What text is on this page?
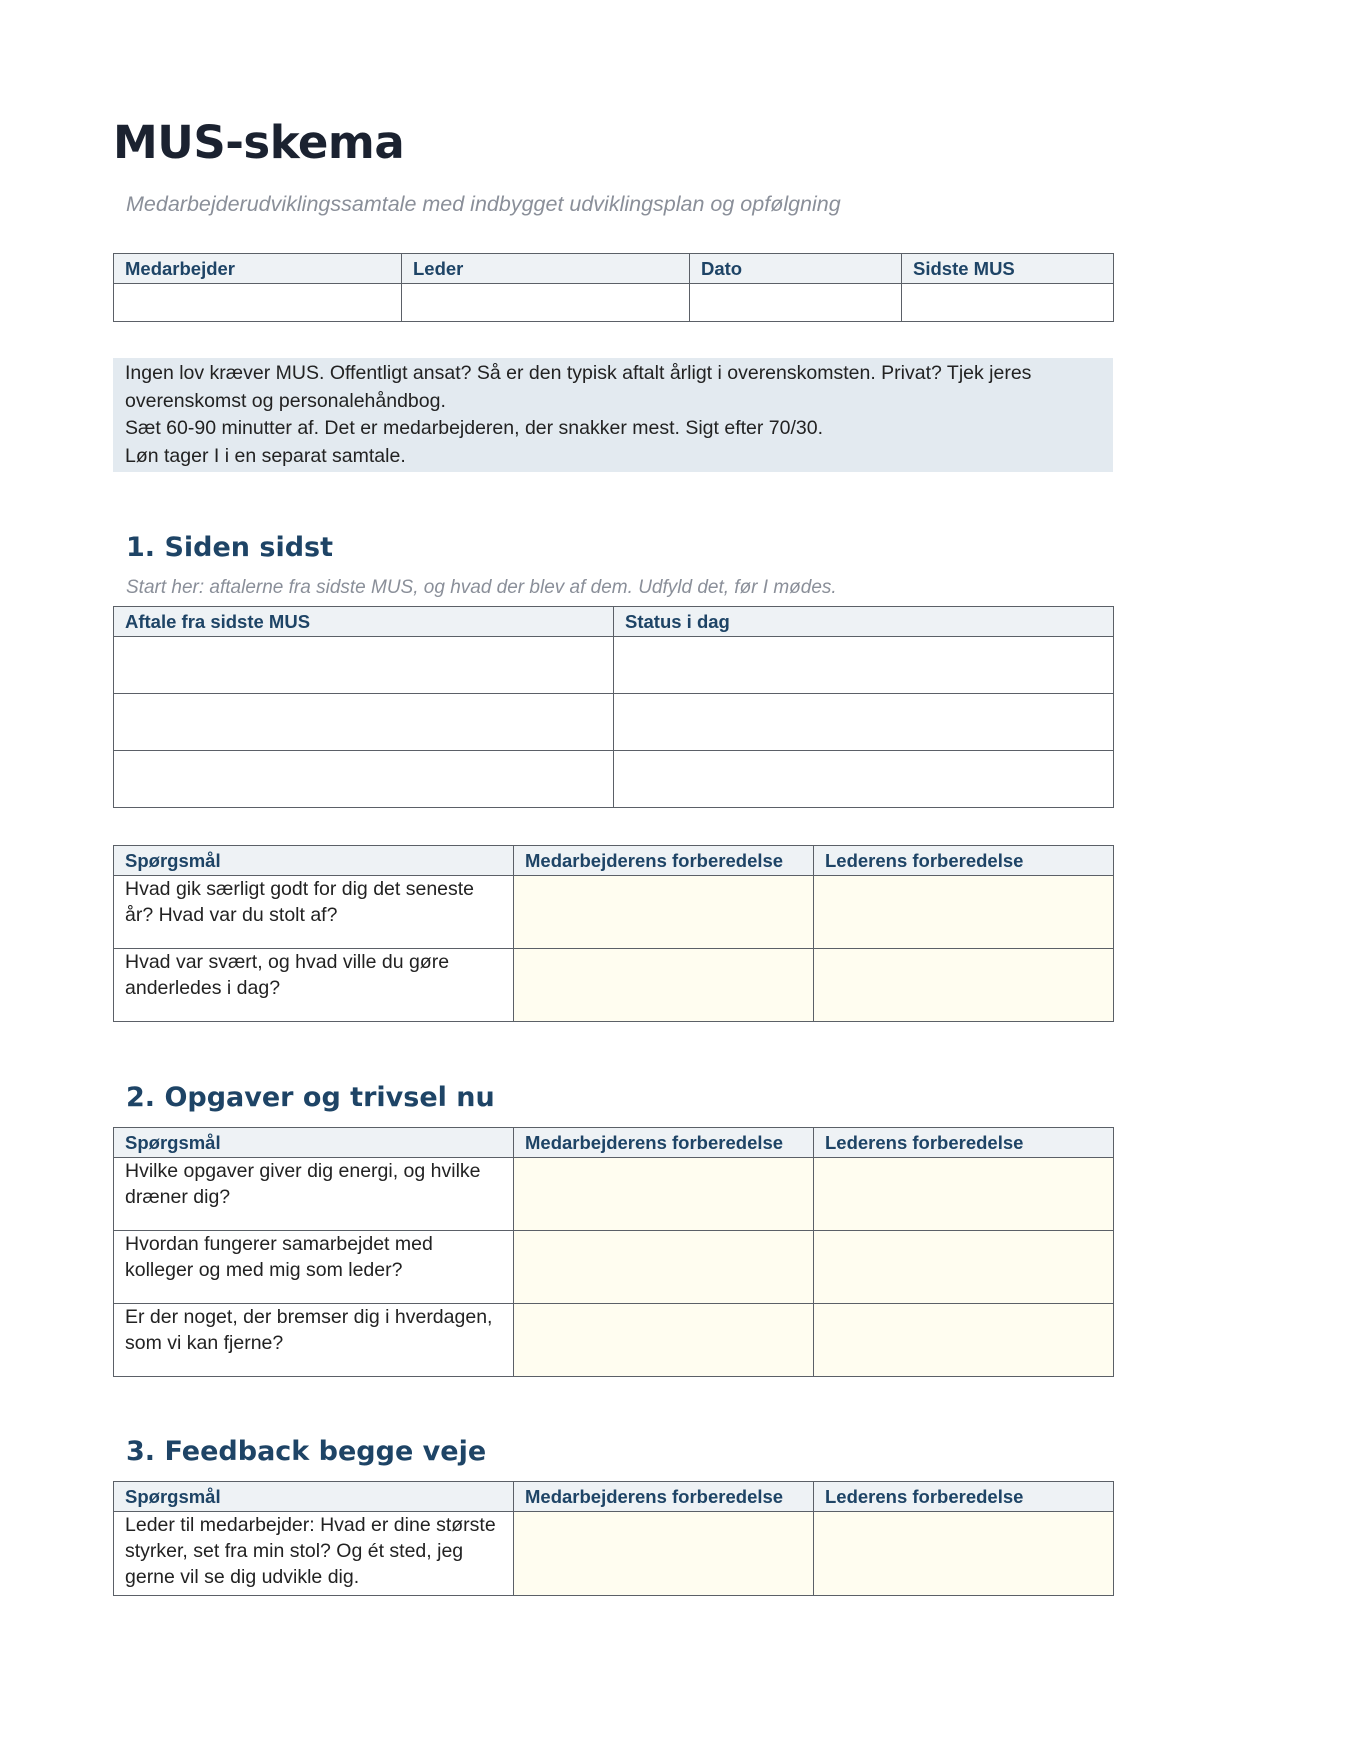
MUS-skema

Medarbejderudviklingssamtale med indbygget udviklingsplan og opfølgning

Medarbejder	Leder	Dato	Sidste MUS

Ingen lov kræver MUS. Offentligt ansat? Så er den typisk aftalt årligt i overenskomsten. Privat? Tjek jeres overenskomst og personalehåndbog.

Sæt 60-90 minutter af. Det er medarbejderen, der snakker mest. Sigt efter 70/30.

Løn tager I i en separat samtale.

1. Siden sidst

Start her: aftalerne fra sidste MUS, og hvad der blev af dem. Udfyld det, før I mødes.

Aftale fra sidste MUS	Status i dag

Spørgsmål	Medarbejderens forberedelse	Lederens forberedelse
Hvad gik særligt godt for dig det seneste år? Hvad var du stolt af?		
Hvad var svært, og hvad ville du gøre anderledes i dag?		
2. Opgaver og trivsel nu
Spørgsmål	Medarbejderens forberedelse	Lederens forberedelse
Hvilke opgaver giver dig energi, og hvilke dræner dig?		
Hvordan fungerer samarbejdet med kolleger og med mig som leder?		
Er der noget, der bremser dig i hverdagen, som vi kan fjerne?		
3. Feedback begge veje
Spørgsmål	Medarbejderens forberedelse	Lederens forberedelse
Leder til medarbejder: Hvad er dine største styrker, set fra min stol? Og ét sted, jeg gerne vil se dig udvikle dig.		
